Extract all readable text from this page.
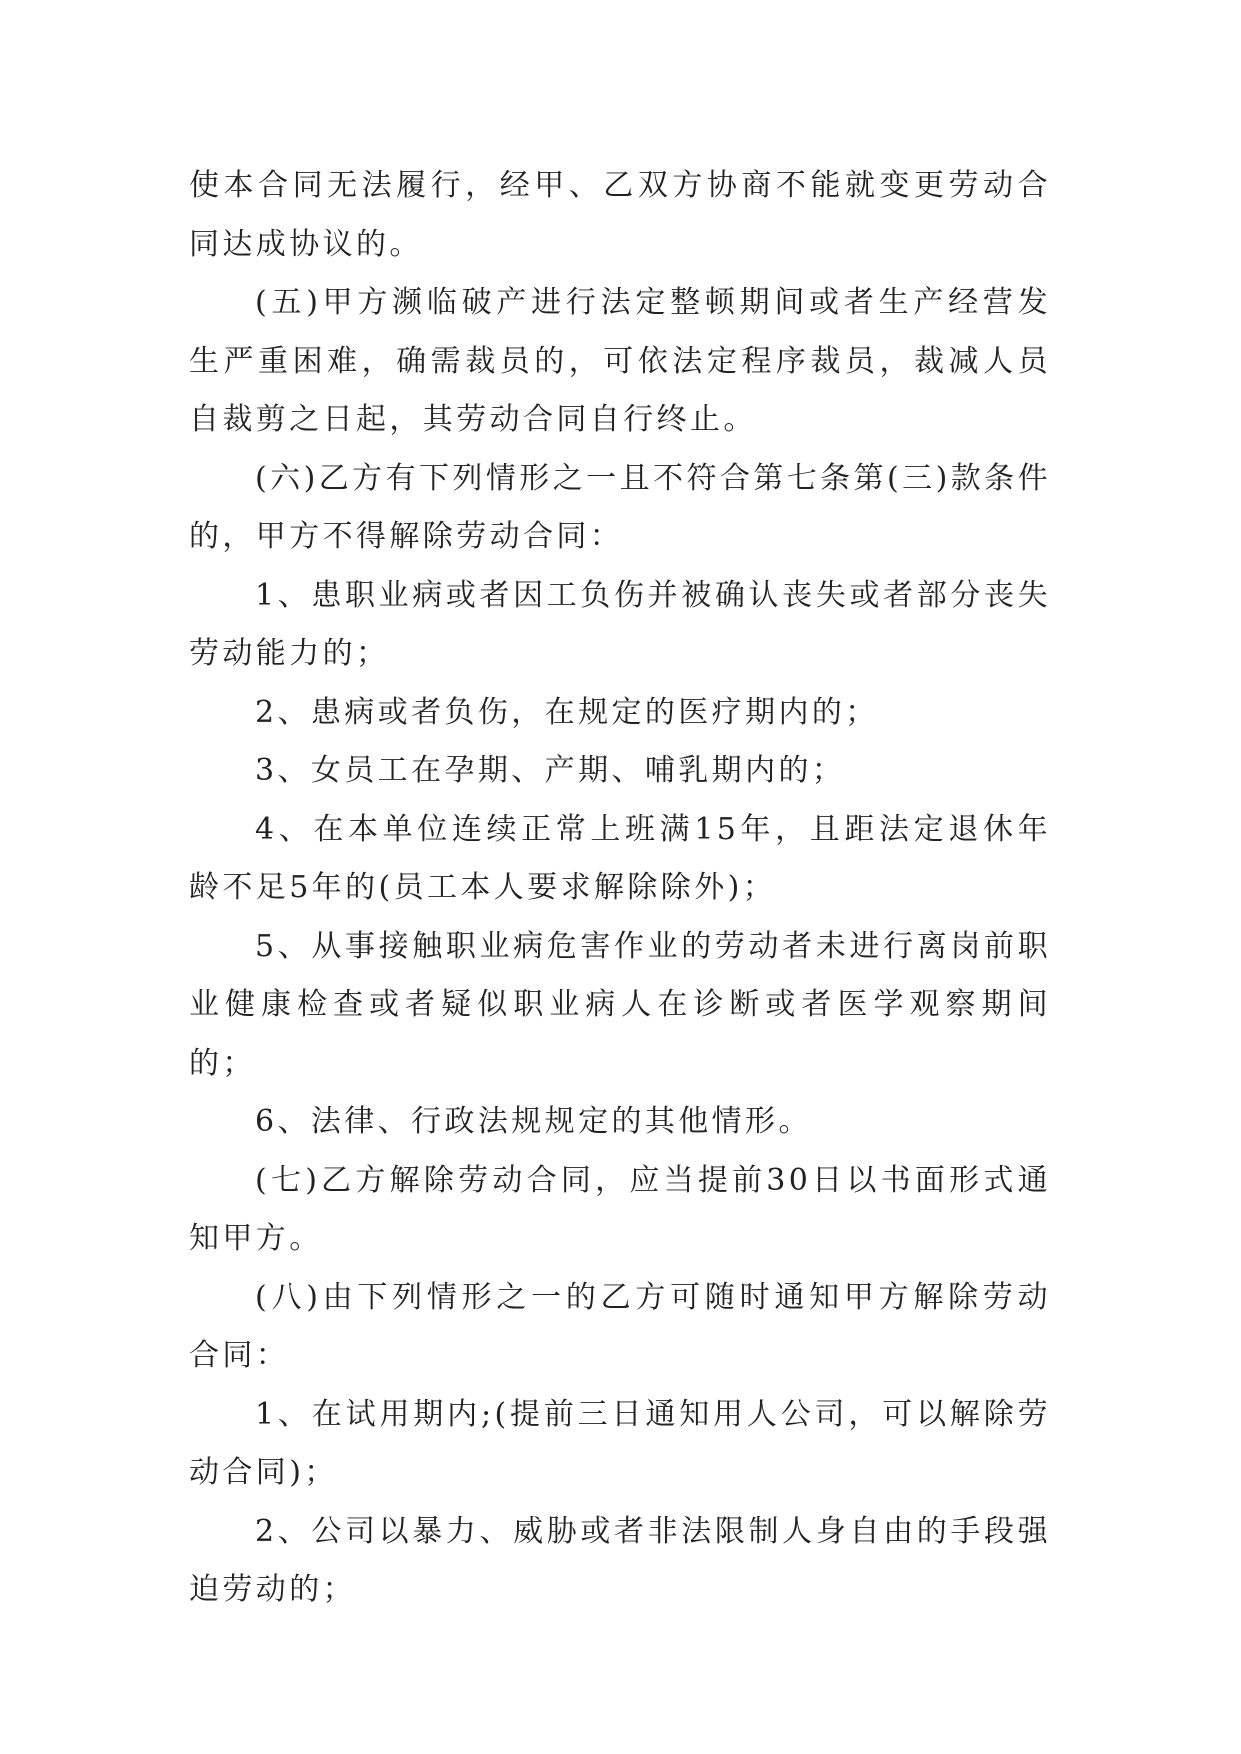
使本合同无法履行，经甲、乙双方协商不能就变更劳动合同达成协议的。

(五)甲方濒临破产进行法定整顿期间或者生产经营发生严重困难，确需裁员的，可依法定程序裁员，裁减人员自裁剪之日起，其劳动合同自行终止。

(六)乙方有下列情形之一且不符合第七条第(三)款条件的，甲方不得解除劳动合同：

1、患职业病或者因工负伤并被确认丧失或者部分丧失劳动能力的；

2、患病或者负伤，在规定的医疗期内的；

3、女员工在孕期、产期、哺乳期内的；

4、在本单位连续正常上班满15年，且距法定退休年龄不足5年的(员工本人要求解除除外)；

5、从事接触职业病危害作业的劳动者未进行离岗前职业健康检查或者疑似职业病人在诊断或者医学观察期间的；

6、法律、行政法规规定的其他情形。

(七)乙方解除劳动合同，应当提前30日以书面形式通知甲方。

(八)由下列情形之一的乙方可随时通知甲方解除劳动合同：

1、在试用期内;(提前三日通知用人公司，可以解除劳动合同)；

2、公司以暴力、威胁或者非法限制人身自由的手段强迫劳动的；
